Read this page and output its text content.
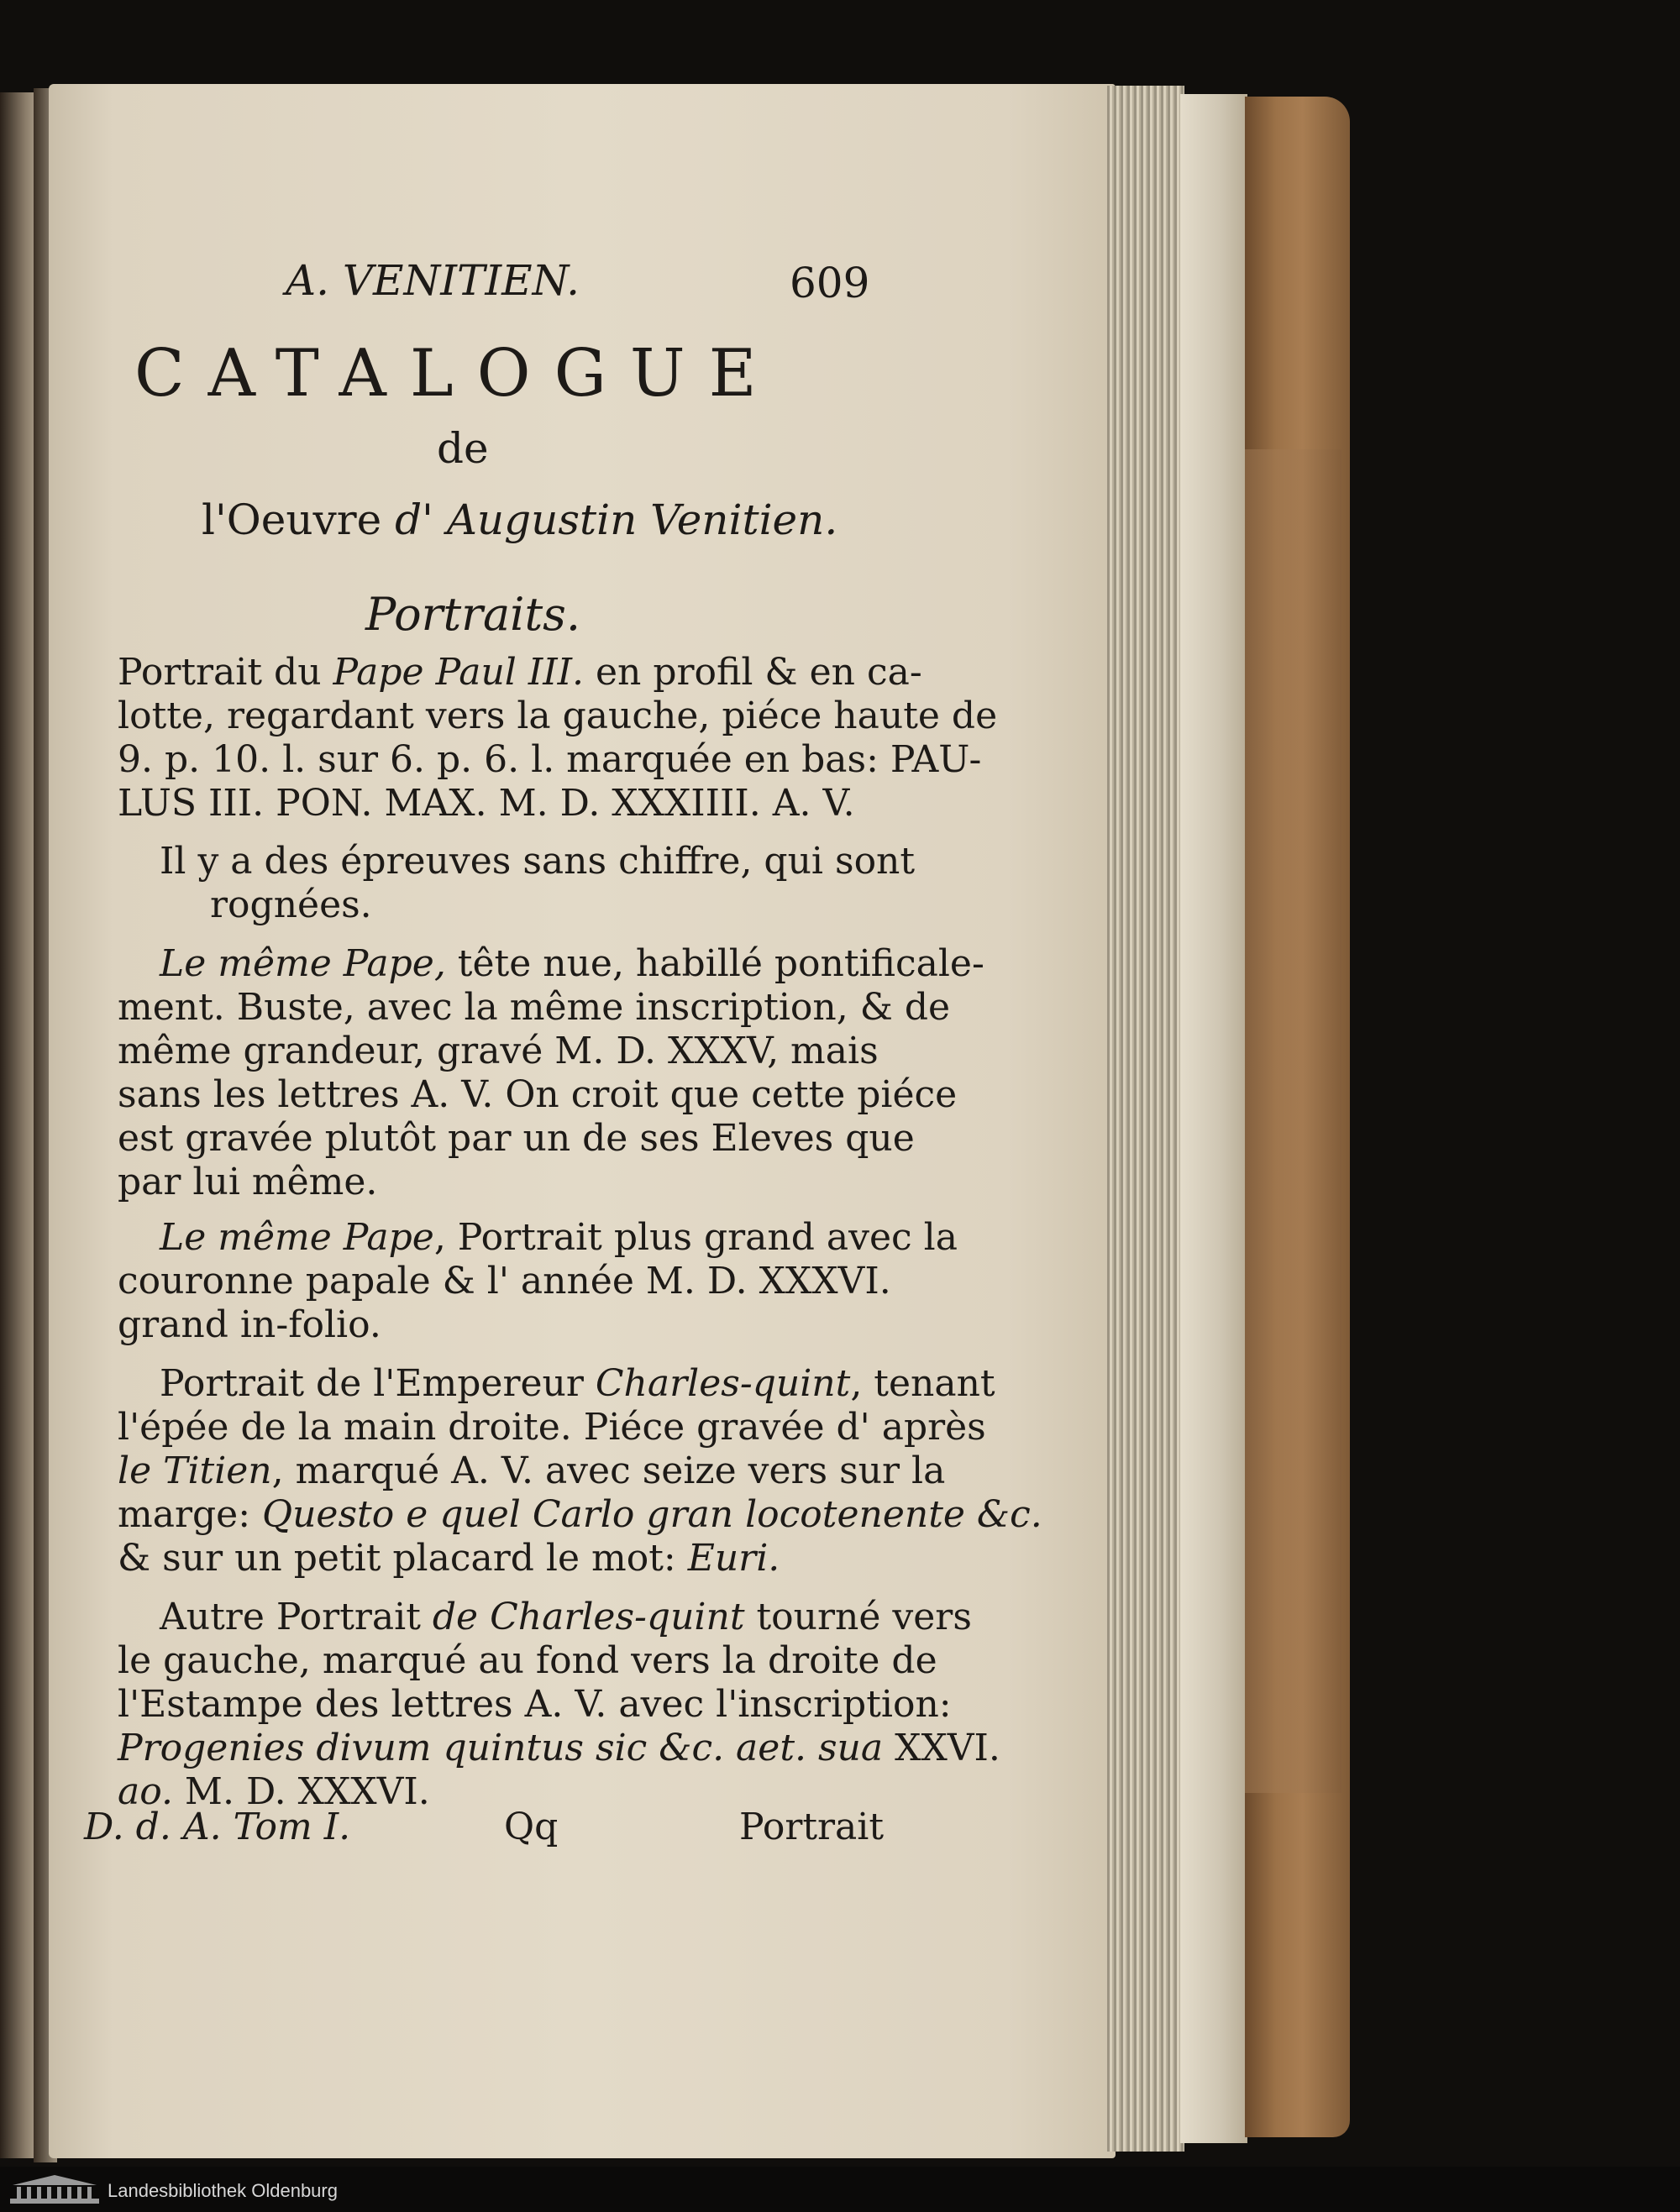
A. VENITIEN.	609
CATALOGUE
de
l'Oeuvre d' Augustin Venitien.
Portraits.
Portrait du Pape Paul III. en profil & en ca-
lotte, regardant vers la gauche, piéce haute de
9. p. 10. l. sur 6. p. 6. l. marquée en bas: PAU-
LUS III. PON. MAX. M. D. XXXIIII. A. V.
Il y a des épreuves sans chiffre, qui sont
rognées.
Le même Pape, tête nue, habillé pontificale-
ment. Buste, avec la même inscription, & de
même grandeur, gravé M. D. XXXV, mais
sans les lettres A. V. On croit que cette piéce
est gravée plutôt par un de ses Eleves que
par lui même.
Le même Pape, Portrait plus grand avec la
couronne papale & l' année M. D. XXXVI.
grand in-folio.
Portrait de l'Empereur Charles-quint, tenant
l'épée de la main droite. Piéce gravée d' après
le Titien, marqué A. V. avec seize vers sur la
marge: Questo e quel Carlo gran locotenente &c.
& sur un petit placard le mot: Euri.
Autre Portrait de Charles-quint tourné vers
le gauche, marqué au fond vers la droite de
l'Estampe des lettres A. V. avec l'inscription:
Progenies divum quintus sic &c. aet. sua XXVI.
ao. M. D. XXXVI.
D. d. A. Tom I.	Qq	Portrait
Landesbibliothek Oldenburg
